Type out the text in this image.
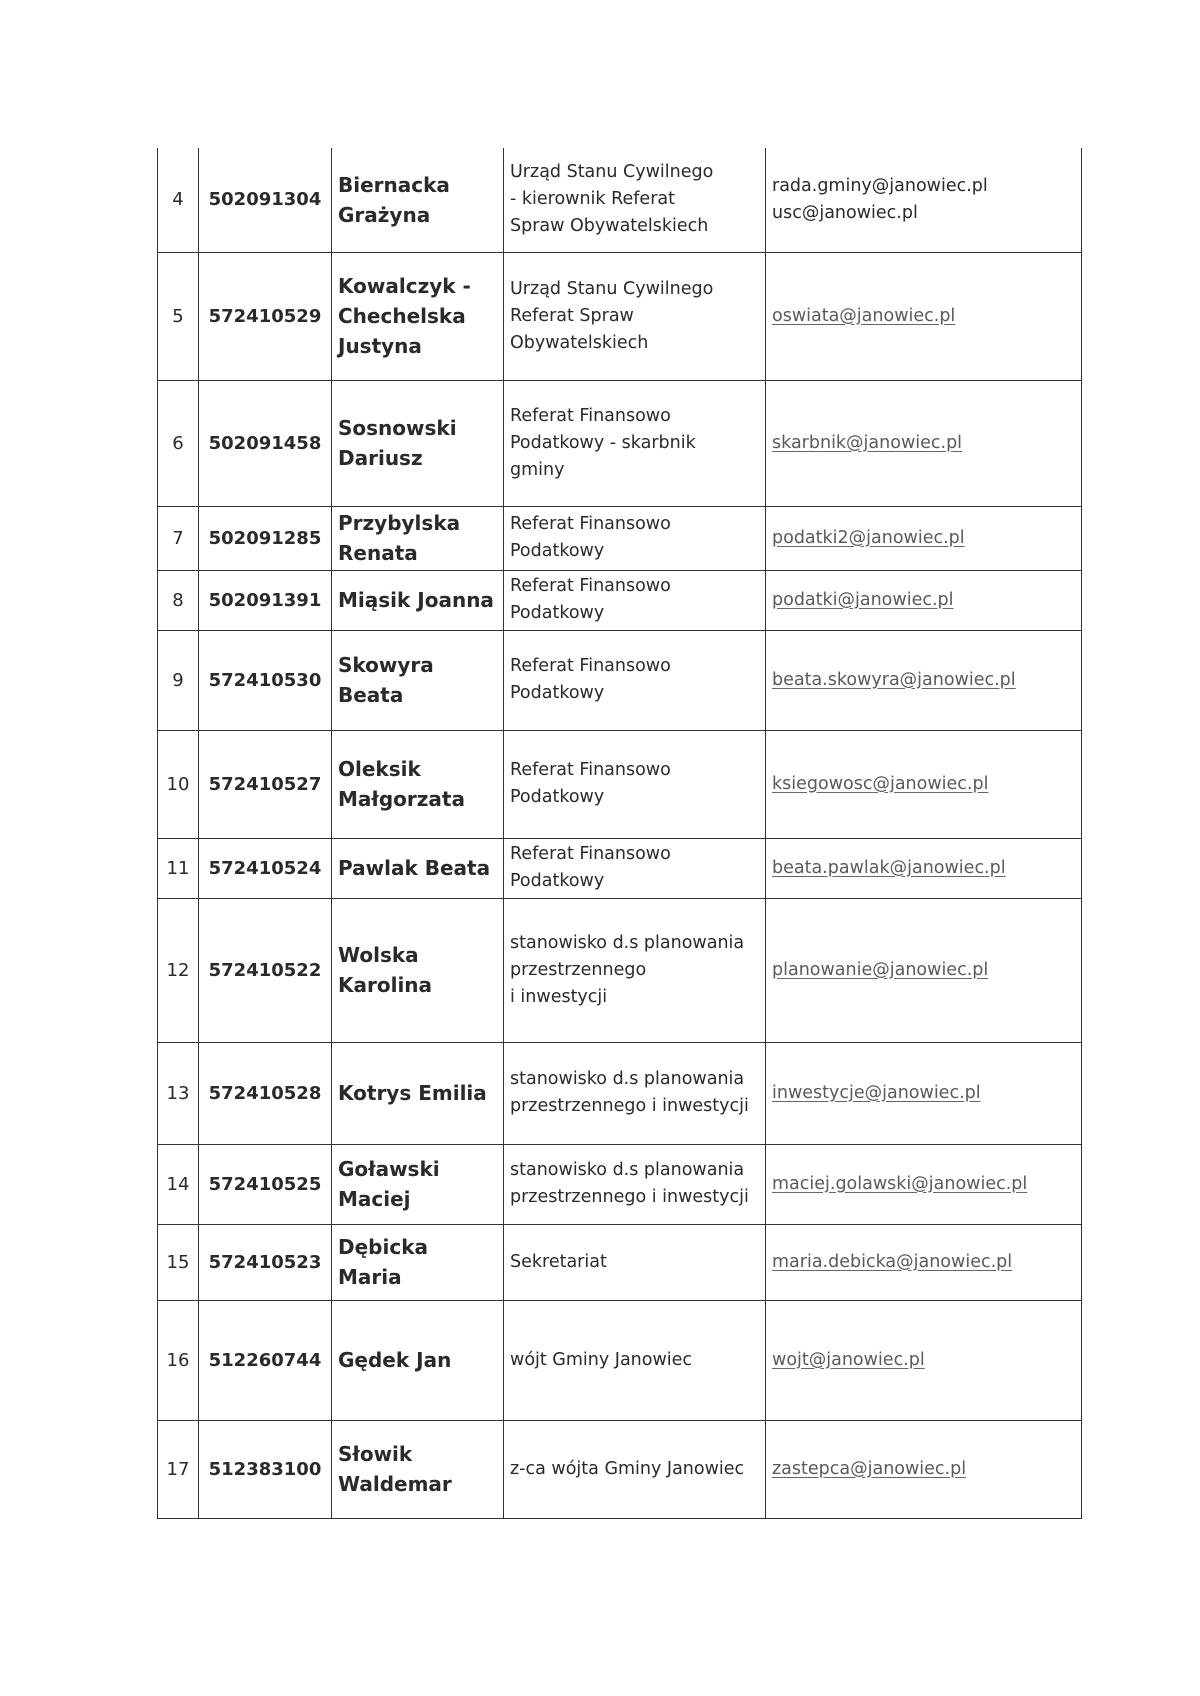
4	502091304	Biernacka Grażyna	Urząd Stanu Cywilnego
- kierownik Referat
Spraw Obywatelskiech	rada.gminy@janowiec.pl
usc@janowiec.pl

5	572410529	Kowalczyk - Chechelska Justyna	Urząd Stanu Cywilnego
Referat Spraw
Obywatelskiech	oswiata@janowiec.pl
6	502091458	Sosnowski Dariusz	Referat Finansowo
Podatkowy - skarbnik
gminy	skarbnik@janowiec.pl
7	502091285	Przybylska Renata	Referat Finansowo Podatkowy	podatki2@janowiec.pl
8	502091391	Miąsik Joanna	Referat Finansowo Podatkowy	podatki@janowiec.pl
9	572410530	Skowyra Beata	Referat Finansowo Podatkowy	beata.skowyra@janowiec.pl
10	572410527	Oleksik Małgorzata	Referat Finansowo Podatkowy	ksiegowosc@janowiec.pl
11	572410524	Pawlak Beata	Referat Finansowo Podatkowy	beata.pawlak@janowiec.pl
12	572410522	Wolska Karolina	stanowisko d.s planowania przestrzennego
i inwestycji	planowanie@janowiec.pl
13	572410528	Kotrys Emilia	stanowisko d.s planowania przestrzennego i inwestycji	inwestycje@janowiec.pl
14	572410525	Goławski Maciej	stanowisko d.s planowania przestrzennego i inwestycji	maciej.golawski@janowiec.pl
15	572410523	Dębicka Maria	Sekretariat	maria.debicka@janowiec.pl
16	512260744	Gędek Jan	wójt Gminy Janowiec	wojt@janowiec.pl
17	512383100	Słowik Waldemar	z-ca wójta Gminy Janowiec	zastepca@janowiec.pl
